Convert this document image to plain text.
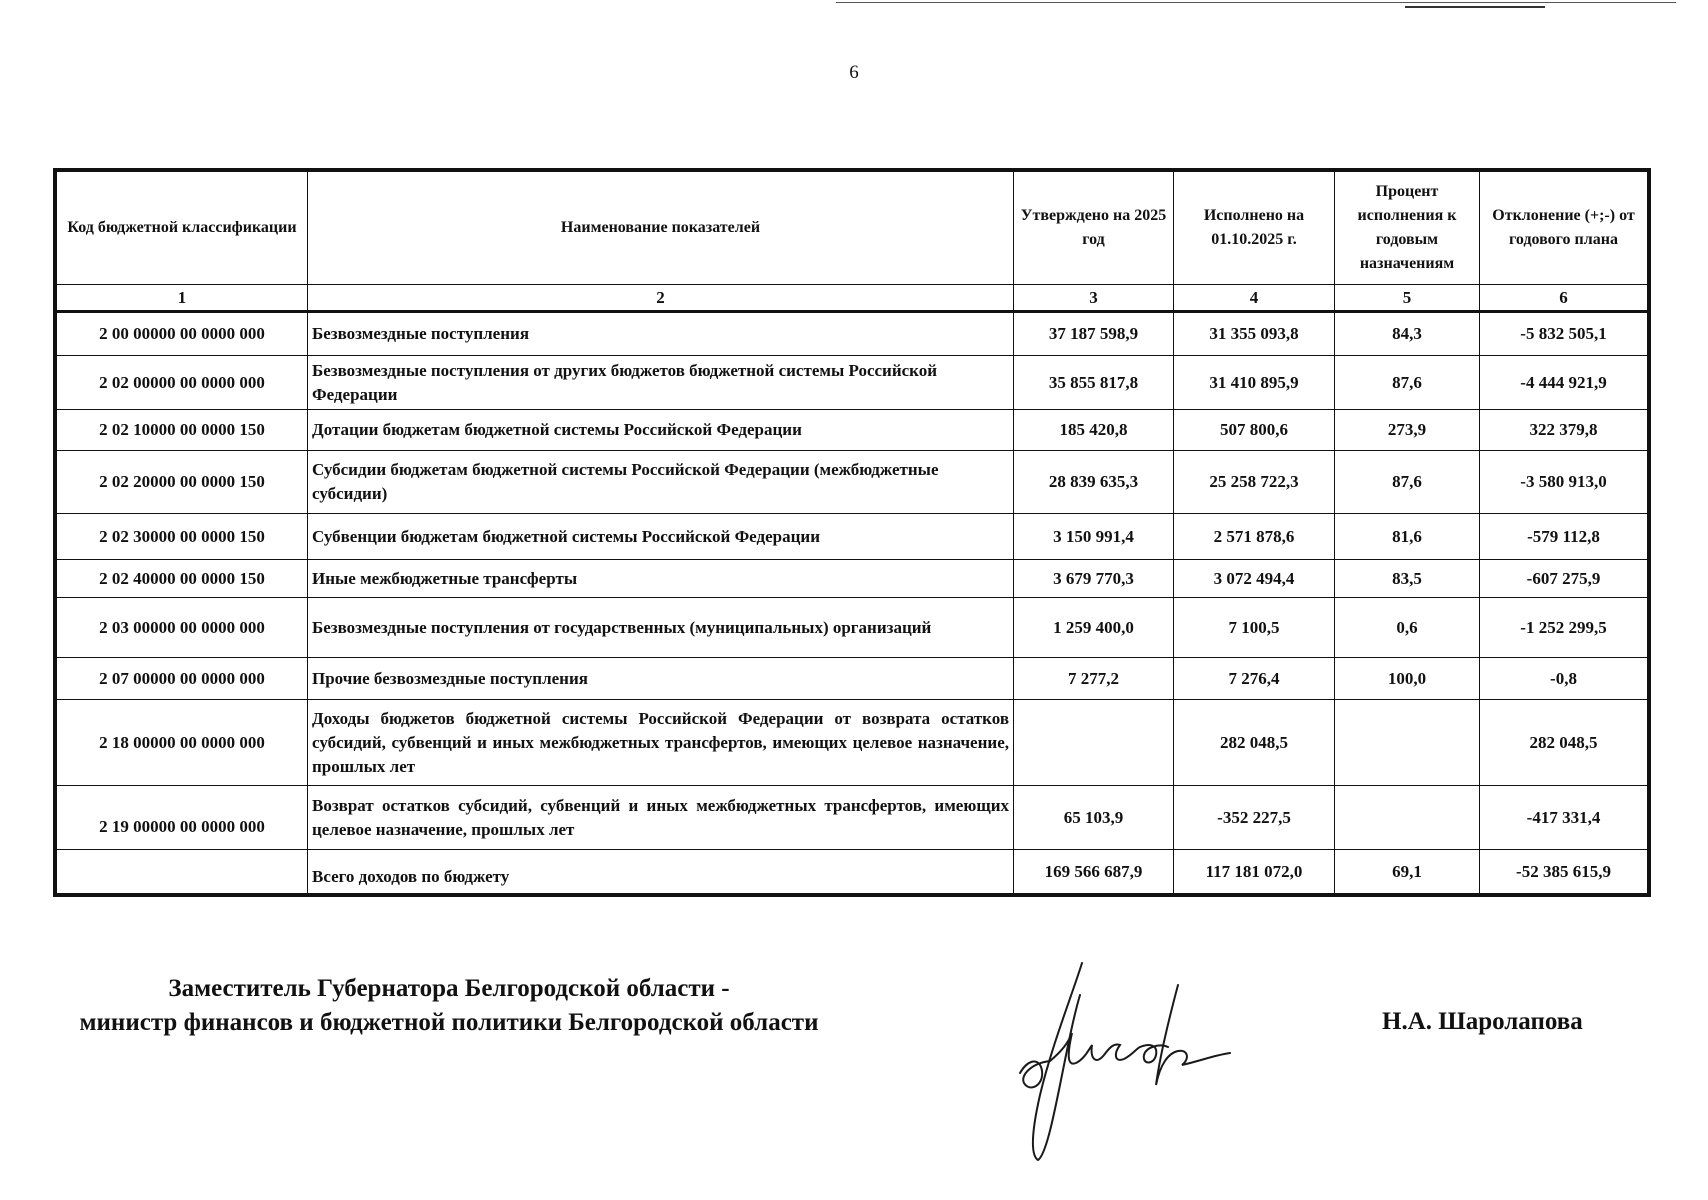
6
Код бюджетной классификации	Наименование показателей	Утверждено на 2025 год	Исполнено на 01.10.2025 г.	Процент исполнения к годовым назначениям	Отклонение (+;-) от годового плана
1	2	3	4	5	6
2 00 00000 00 0000 000	Безвозмездные поступления	37 187 598,9	31 355 093,8	84,3	-5 832 505,1
2 02 00000 00 0000 000	Безвозмездные поступления от других бюджетов бюджетной системы Российской Федерации	35 855 817,8	31 410 895,9	87,6	-4 444 921,9
2 02 10000 00 0000 150	Дотации бюджетам бюджетной системы Российской Федерации	185 420,8	507 800,6	273,9	322 379,8
2 02 20000 00 0000 150	Субсидии бюджетам бюджетной системы Российской Федерации (межбюджетные субсидии)	28 839 635,3	25 258 722,3	87,6	-3 580 913,0
2 02 30000 00 0000 150	Субвенции бюджетам бюджетной системы Российской Федерации	3 150 991,4	2 571 878,6	81,6	-579 112,8
2 02 40000 00 0000 150	Иные межбюджетные трансферты	3 679 770,3	3 072 494,4	83,5	-607 275,9
2 03 00000 00 0000 000	Безвозмездные поступления от государственных (муниципальных) организаций	1 259 400,0	7 100,5	0,6	-1 252 299,5
2 07 00000 00 0000 000	Прочие безвозмездные поступления	7 277,2	7 276,4	100,0	-0,8
2 18 00000 00 0000 000	Доходы бюджетов бюджетной системы Российской Федерации от возврата остатков субсидий, субвенций и иных межбюджетных трансфертов, имеющих целевое назначение, прошлых лет		282 048,5		282 048,5
2 19 00000 00 0000 000	Возврат остатков субсидий, субвенций и иных межбюджетных трансфертов, имеющих целевое назначение, прошлых лет	65 103,9	-352 227,5		-417 331,4
	Всего доходов по бюджету	169 566 687,9	117 181 072,0	69,1	-52 385 615,9
Заместитель Губернатора Белгородской области -
министр финансов и бюджетной политики Белгородской области	Н.А. Шаролапова
